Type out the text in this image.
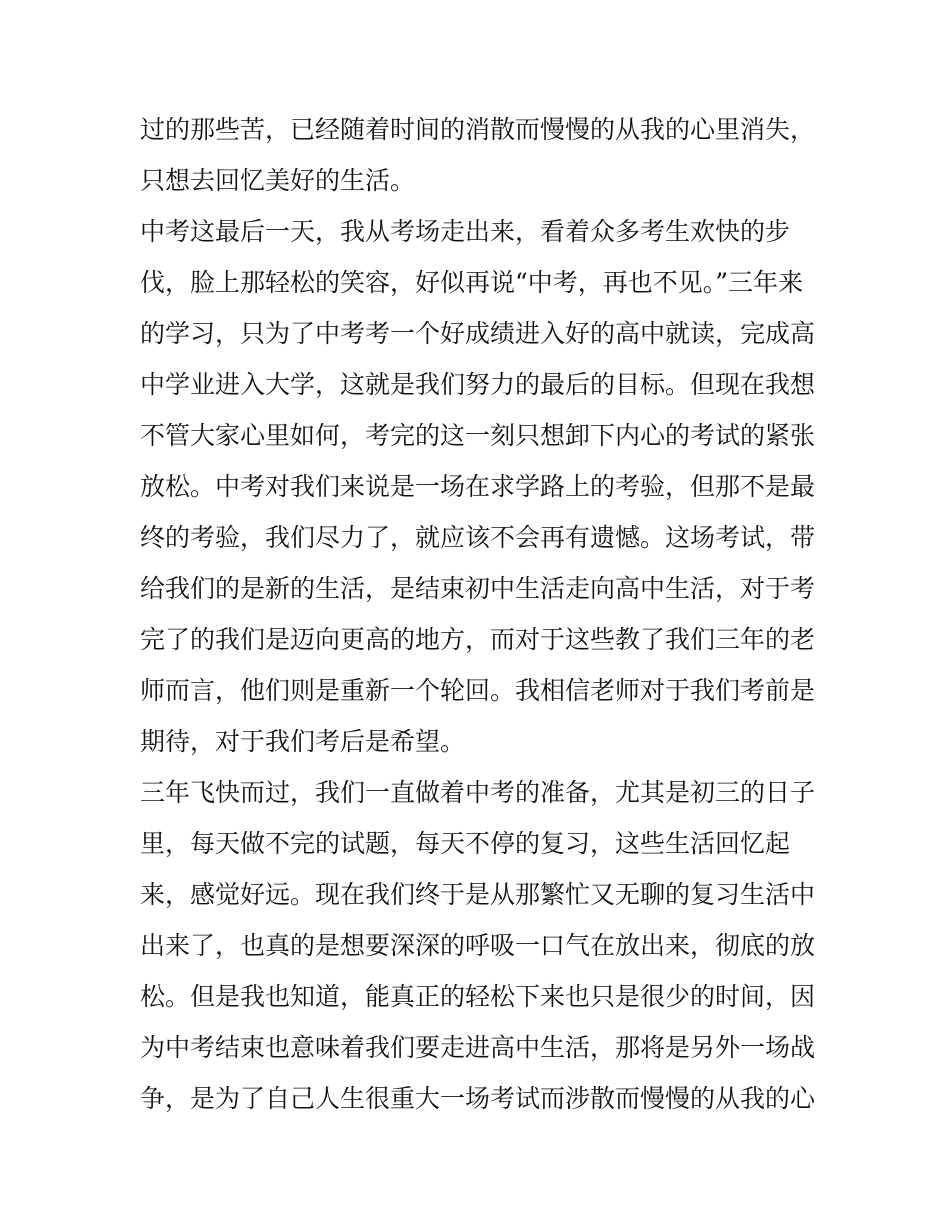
过的那些苦，已经随着时间的消散而慢慢的从我的心里消失，
只想去回忆美好的生活。
中考这最后一天，我从考场走出来，看着众多考生欢快的步
伐，脸上那轻松的笑容，好似再说“中考，再也不见。”三年来
的学习，只为了中考考一个好成绩进入好的高中就读，完成高
中学业进入大学，这就是我们努力的最后的目标。但现在我想
不管大家心里如何，考完的这一刻只想卸下内心的考试的紧张
放松。中考对我们来说是一场在求学路上的考验，但那不是最
终的考验，我们尽力了，就应该不会再有遗憾。这场考试，带
给我们的是新的生活，是结束初中生活走向高中生活，对于考
完了的我们是迈向更高的地方，而对于这些教了我们三年的老
师而言，他们则是重新一个轮回。我相信老师对于我们考前是
期待，对于我们考后是希望。
三年飞快而过，我们一直做着中考的准备，尤其是初三的日子
里，每天做不完的试题，每天不停的复习，这些生活回忆起
来，感觉好远。现在我们终于是从那繁忙又无聊的复习生活中
出来了，也真的是想要深深的呼吸一口气在放出来，彻底的放
松。但是我也知道，能真正的轻松下来也只是很少的时间，因
为中考结束也意味着我们要走进高中生活，那将是另外一场战
争，是为了自己人生很重大一场考试而涉散而慢慢的从我的心
